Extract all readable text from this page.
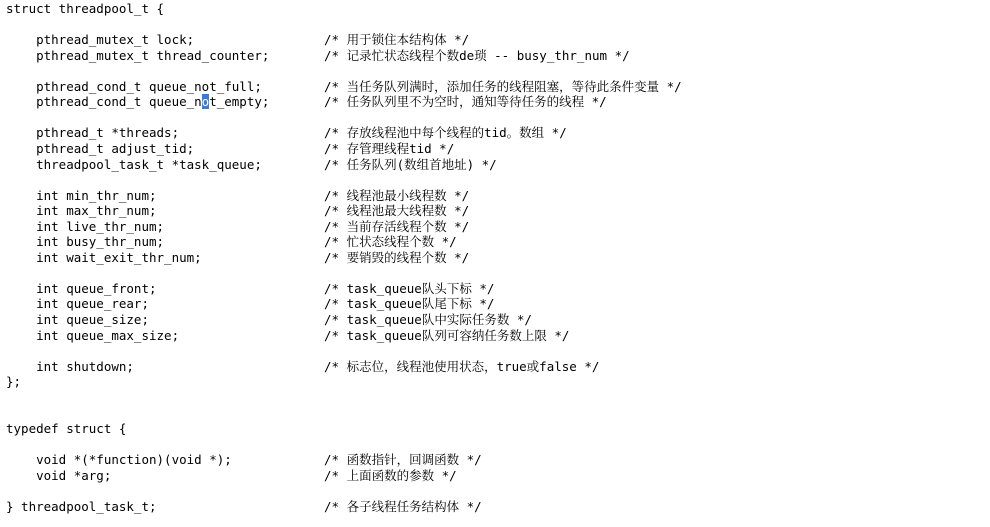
struct threadpool_t {
pthread_mutex_t lock;	/* 用于锁住本结构体 */
pthread_mutex_t thread_counter;	/* 记录忙状态线程个数de琐 -- busy_thr_num */
pthread_cond_t queue_not_full;	/* 当任务队列满时，添加任务的线程阻塞，等待此条件变量 */
pthread_cond_t queue_not_empty;	/* 任务队列里不为空时，通知等待任务的线程 */
pthread_t *threads;	/* 存放线程池中每个线程的tid。数组 */
pthread_t adjust_tid;	/* 存管理线程tid */
threadpool_task_t *task_queue;	/* 任务队列(数组首地址) */
int min_thr_num;	/* 线程池最小线程数 */
int max_thr_num;	/* 线程池最大线程数 */
int live_thr_num;	/* 当前存活线程个数 */
int busy_thr_num;	/* 忙状态线程个数 */
int wait_exit_thr_num;	/* 要销毁的线程个数 */
int queue_front;	/* task_queue队头下标 */
int queue_rear;	/* task_queue队尾下标 */
int queue_size;	/* task_queue队中实际任务数 */
int queue_max_size;	/* task_queue队列可容纳任务数上限 */
int shutdown;	/* 标志位，线程池使用状态，true或false */
};
typedef struct {
void *(*function)(void *);	/* 函数指针，回调函数 */
void *arg;	/* 上面函数的参数 */
} threadpool_task_t;	/* 各子线程任务结构体 */
